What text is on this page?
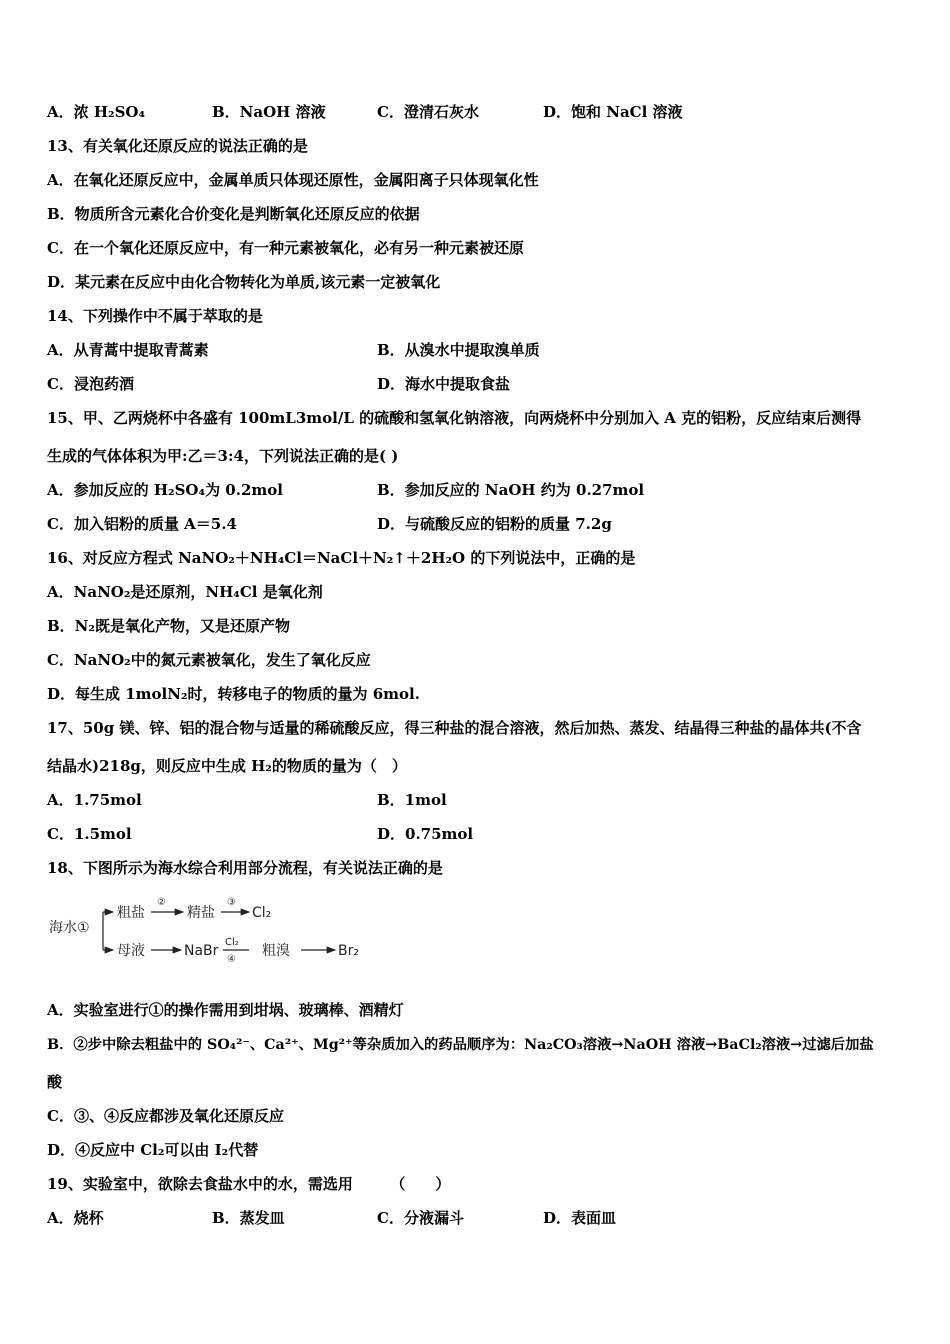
A．浓 H₂SO₄	B．NaOH 溶液	C．澄清石灰水	D．饱和 NaCl 溶液
13、有关氧化还原反应的说法正确的是
A．在氧化还原反应中，金属单质只体现还原性，金属阳离子只体现氧化性
B．物质所含元素化合价变化是判断氧化还原反应的依据
C．在一个氧化还原反应中，有一种元素被氧化，必有另一种元素被还原
D．某元素在反应中由化合物转化为单质,该元素一定被氧化
14、下列操作中不属于萃取的是
A．从青蒿中提取青蒿素	B．从溴水中提取溴单质
C．浸泡药酒	D．海水中提取食盐
15、甲、乙两烧杯中各盛有 100mL3mol/L 的硫酸和氢氧化钠溶液，向两烧杯中分别加入 A 克的铝粉，反应结束后测得
生成的气体体积为甲:乙＝3:4，下列说法正确的是( )
A．参加反应的 H₂SO₄为 0.2mol	B．参加反应的 NaOH 约为 0.27mol
C．加入铝粉的质量 A＝5.4	D．与硫酸反应的铝粉的质量 7.2g
16、对反应方程式 NaNO₂＋NH₄Cl＝NaCl＋N₂↑＋2H₂O 的下列说法中，正确的是
A．NaNO₂是还原剂，NH₄Cl 是氧化剂
B．N₂既是氧化产物，又是还原产物
C．NaNO₂中的氮元素被氧化，发生了氧化反应
D．每生成 1molN₂时，转移电子的物质的量为 6mol.
17、50g 镁、锌、铝的混合物与适量的稀硫酸反应，得三种盐的混合溶液，然后加热、蒸发、结晶得三种盐的晶体共(不含
结晶水)218g，则反应中生成 H₂的物质的量为（　）
A．1.75mol	B．1mol
C．1.5mol	D．0.75mol
18、下图所示为海水综合利用部分流程，有关说法正确的是
海水①
粗盐
②
精盐
③
Cl₂
母液	NaBr
Cl₂
④
粗溴	Br₂
A．实验室进行①的操作需用到坩埚、玻璃棒、酒精灯
B．②步中除去粗盐中的 SO₄²⁻、Ca²⁺、Mg²⁺等杂质加入的药品顺序为：Na₂CO₃溶液→NaOH 溶液→BaCl₂溶液→过滤后加盐
酸
C．③、④反应都涉及氧化还原反应
D．④反应中 Cl₂可以由 I₂代替
19、实验室中，欲除去食盐水中的水，需选用　　　（　　）
A．烧杯	B．蒸发皿	C．分液漏斗	D．表面皿
